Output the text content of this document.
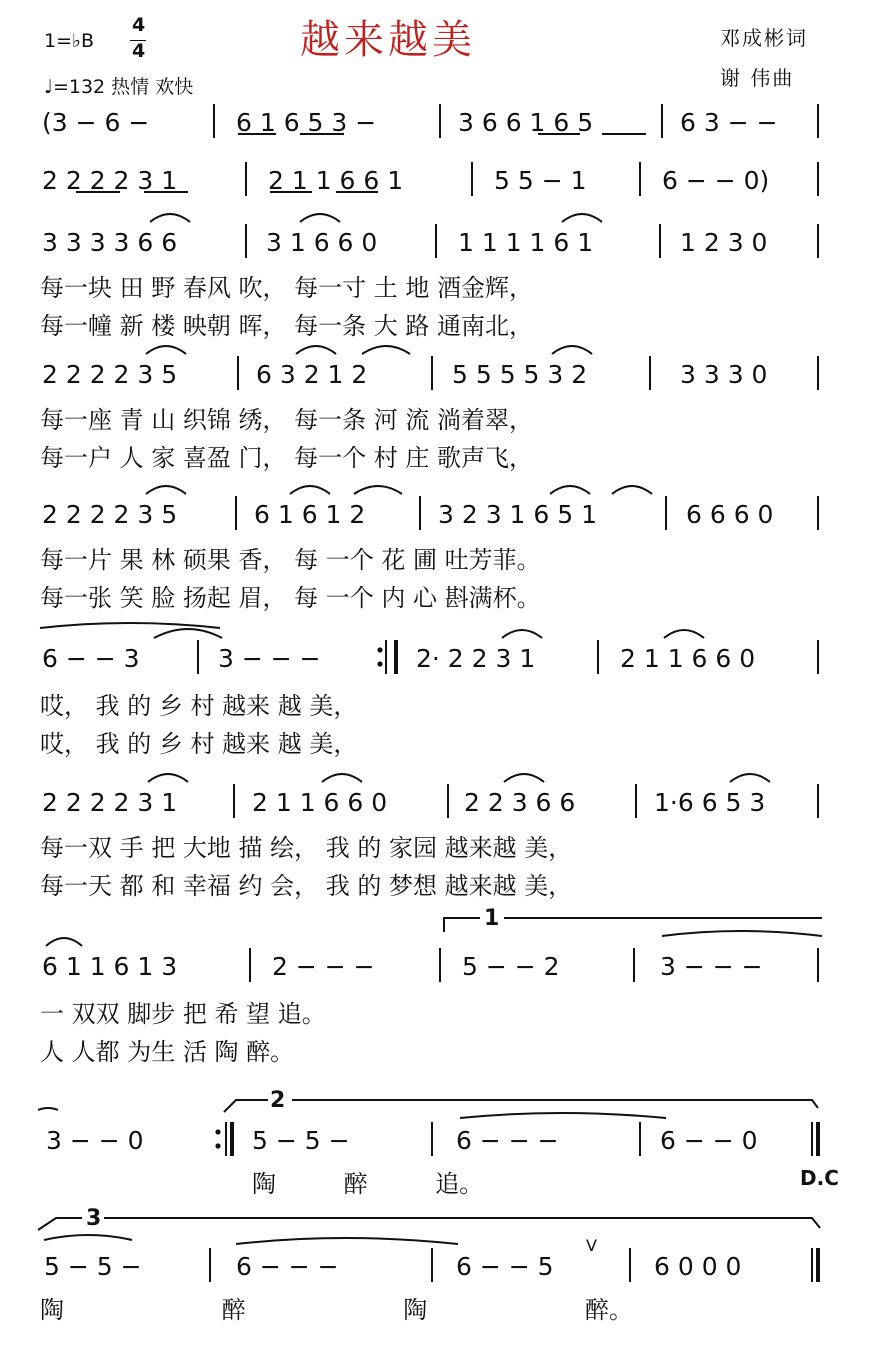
越来越美
1=♭B
4
4
♩=132 热情 欢快
邓成彬词
谢 伟曲
(3 − 6 −	6 1 6 5 3 −	3 6 6 1 6 5	6 3 − −
2 2 2 2 3 1	2 1 1 6 6 1	5 5 − 1	6 − − 0)
3 3 3 3 6 6	3 1 6 6 0	1 1 1 1 6 1	1 2 3 0
每一块 田 野 春风 吹， 每一寸 土 地 酒金辉，
每一幢 新 楼 映朝 晖， 每一条 大 路 通南北，
2 2 2 2 3 5	6 3 2 1 2	5 5 5 5 3 2	3 3 3 0
每一座 青 山 织锦 绣， 每一条 河 流 淌着翠，
每一户 人 家 喜盈 门， 每一个 村 庄 歌声飞，
2 2 2 2 3 5	6 1 6 1 2	3 2 3 1 6 5 1	6 6 6 0
每一片 果 林 硕果 香， 每 一个 花 圃 吐芳菲。
每一张 笑 脸 扬起 眉， 每 一个 内 心 斟满杯。
6 − − 3	3 − − −	2· 2 2 3 1	2 1 1 6 6 0
哎， 我 的 乡 村 越来 越 美，
哎， 我 的 乡 村 越来 越 美，
2 2 2 2 3 1	2 1 1 6 6 0	2 2 3 6 6	1·6 6 5 3
每一双 手 把 大地 描 绘， 我 的 家园 越来越 美，
每一天 都 和 幸福 约 会， 我 的 梦想 越来越 美，
6 1 1 6 1 3	2 − − −	5 − − 2	3 − − −
一 双双 脚步 把 希 望 追。
人 人都 为生 活 陶 醉。
3 − − 0	5 − 5 −	6 − − −	6 − − 0
陶 醉 追。	D.C
5 − 5 −	6 − − −	6 − − 5	6 0 0 0
V
陶 醉 陶 醉。
1
2
3
